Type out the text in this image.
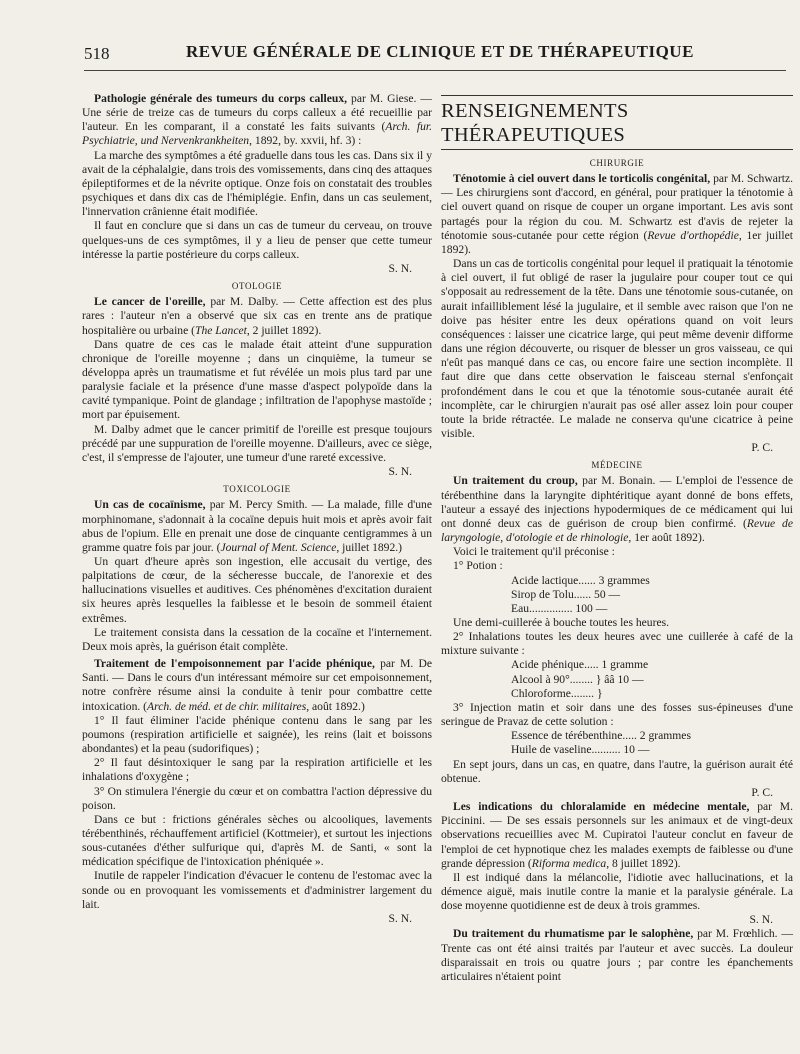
518	REVUE GÉNÉRALE DE CLINIQUE ET DE THÉRAPEUTIQUE

Pathologie générale des tumeurs du corps calleux, par M. Giese. — Une série de treize cas de tumeurs du corps calleux a été recueillie par l'auteur. En les comparant, il a constaté les faits suivants (Arch. fur. Psychiatrie, und Nervenkrankheiten, 1892, by. xxvii, hf. 3) :

La marche des symptômes a été graduelle dans tous les cas. Dans six il y avait de la céphalalgie, dans trois des vomissements, dans cinq des attaques épileptiformes et de la névrite optique. Onze fois on constatait des troubles psychiques et dans dix cas de l'hémiplégie. Enfin, dans un cas seulement, l'innervation crânienne était modifiée.

Il faut en conclure que si dans un cas de tumeur du cerveau, on trouve quelques-uns de ces symptômes, il y a lieu de penser que cette tumeur intéresse la partie postérieure du corps calleux.

S. N.

OTOLOGIE

Le cancer de l'oreille, par M. Dalby. — Cette affection est des plus rares : l'auteur n'en a observé que six cas en trente ans de pratique hospitalière ou urbaine (The Lancet, 2 juillet 1892).

Dans quatre de ces cas le malade était atteint d'une suppuration chronique de l'oreille moyenne ; dans un cinquième, la tumeur se développa après un traumatisme et fut révélée un mois plus tard par une paralysie faciale et la présence d'une masse d'aspect polypoïde dans la cavité tympanique. Point de glandage ; infiltration de l'apophyse mastoïde ; mort par épuisement.

M. Dalby admet que le cancer primitif de l'oreille est presque toujours précédé par une suppuration de l'oreille moyenne. D'ailleurs, avec ce siège, c'est, il s'empresse de l'ajouter, une tumeur d'une rareté excessive.

S. N.

TOXICOLOGIE

Un cas de cocaïnisme, par M. Percy Smith. — La malade, fille d'une morphinomane, s'adonnait à la cocaïne depuis huit mois et après avoir fait abus de l'opium. Elle en prenait une dose de cinquante centigrammes à un gramme quatre fois par jour. (Journal of Ment. Science, juillet 1892.)

Un quart d'heure après son ingestion, elle accusait du vertige, des palpitations de cœur, de la sécheresse buccale, de l'anorexie et des hallucinations visuelles et auditives. Ces phénomènes d'excitation duraient six heures après lesquelles la faiblesse et le besoin de sommeil étaient extrêmes.

Le traitement consista dans la cessation de la cocaïne et l'internement. Deux mois après, la guérison était complète.

Traitement de l'empoisonnement par l'acide phénique, par M. De Santi. — Dans le cours d'un intéressant mémoire sur cet empoisonnement, notre confrère résume ainsi la conduite à tenir pour combattre cette intoxication. (Arch. de méd. et de chir. militaires, août 1892.)

1° Il faut éliminer l'acide phénique contenu dans le sang par les poumons (respiration artificielle et saignée), les reins (lait et boissons abondantes) et la peau (sudorifiques) ;

2° Il faut désintoxiquer le sang par la respiration artificielle et les inhalations d'oxygène ;

3° On stimulera l'énergie du cœur et on combattra l'action dépressive du poison.

Dans ce but : frictions générales sèches ou alcooliques, lavements térébenthinés, réchauffement artificiel (Kottmeier), et surtout les injections sous-cutanées d'éther sulfurique qui, d'après M. de Santi, « sont la médication spécifique de l'intoxication phéniquée ».

Inutile de rappeler l'indication d'évacuer le contenu de l'estomac avec la sonde ou en provoquant les vomissements et d'administrer largement du lait.

S. N.

RENSEIGNEMENTS THÉRAPEUTIQUES
CHIRURGIE

Ténotomie à ciel ouvert dans le torticolis congénital, par M. Schwartz. — Les chirurgiens sont d'accord, en général, pour pratiquer la ténotomie à ciel ouvert quand on risque de couper un organe important. Les avis sont partagés pour la région du cou. M. Schwartz est d'avis de rejeter la ténotomie sous-cutanée pour cette région (Revue d'orthopédie, 1er juillet 1892).

Dans un cas de torticolis congénital pour lequel il pratiquait la ténotomie à ciel ouvert, il fut obligé de raser la jugulaire pour couper tout ce qui s'opposait au redressement de la tête. Dans une ténotomie sous-cutanée, on aurait infailliblement lésé la jugulaire, et il semble avec raison que l'on ne doive pas hésiter entre les deux opérations quand on voit leurs conséquences : laisser une cicatrice large, qui peut même devenir difforme dans une région découverte, ou risquer de blesser un gros vaisseau, ce qui n'eût pas manqué dans ce cas, ou encore faire une section incomplète. Il faut dire que dans cette observation le faisceau sternal s'enfonçait profondément dans le cou et que la ténotomie sous-cutanée aurait été incomplète, car le chirurgien n'aurait pas osé aller assez loin pour couper toute la bride rétractée. Le malade ne conserva qu'une cicatrice à peine visible.

P. C.

MÉDECINE

Un traitement du croup, par M. Bonain. — L'emploi de l'essence de térébenthine dans la laryngite diphtéritique ayant donné de bons effets, l'auteur a essayé des injections hypodermiques de ce médicament qui lui ont donné deux cas de guérison de croup bien confirmé. (Revue de laryngologie, d'otologie et de rhinologie, 1er août 1892).

Voici le traitement qu'il préconise :

1° Potion :

Acide lactique...... 3 grammes

Sirop de Tolu...... 50 —

Eau............... 100 —

Une demi-cuillerée à bouche toutes les heures.

2° Inhalations toutes les deux heures avec une cuillerée à café de la mixture suivante :

Acide phénique..... 1 gramme

Alcool à 90°........ } ââ 10 —

Chloroforme........ }

3° Injection matin et soir dans une des fosses sus-épineuses d'une seringue de Pravaz de cette solution :

Essence de térébenthine..... 2 grammes

Huile de vaseline.......... 10 —

En sept jours, dans un cas, en quatre, dans l'autre, la guérison aurait été obtenue.

P. C.

Les indications du chloralamide en médecine mentale, par M. Piccinini. — De ses essais personnels sur les animaux et de vingt-deux observations recueillies avec M. Cupiratoi l'auteur conclut en faveur de l'emploi de cet hypnotique chez les malades exempts de faiblesse ou d'une grande dépression (Riforma medica, 8 juillet 1892).

Il est indiqué dans la mélancolie, l'idiotie avec hallucinations, et la démence aiguë, mais inutile contre la manie et la paralysie générale. La dose moyenne quotidienne est de deux à trois grammes.

S. N.

Du traitement du rhumatisme par le salophène, par M. Frœhlich. — Trente cas ont été ainsi traités par l'auteur et avec succès. La douleur disparaissait en trois ou quatre jours ; par contre les épanchements articulaires n'étaient point
